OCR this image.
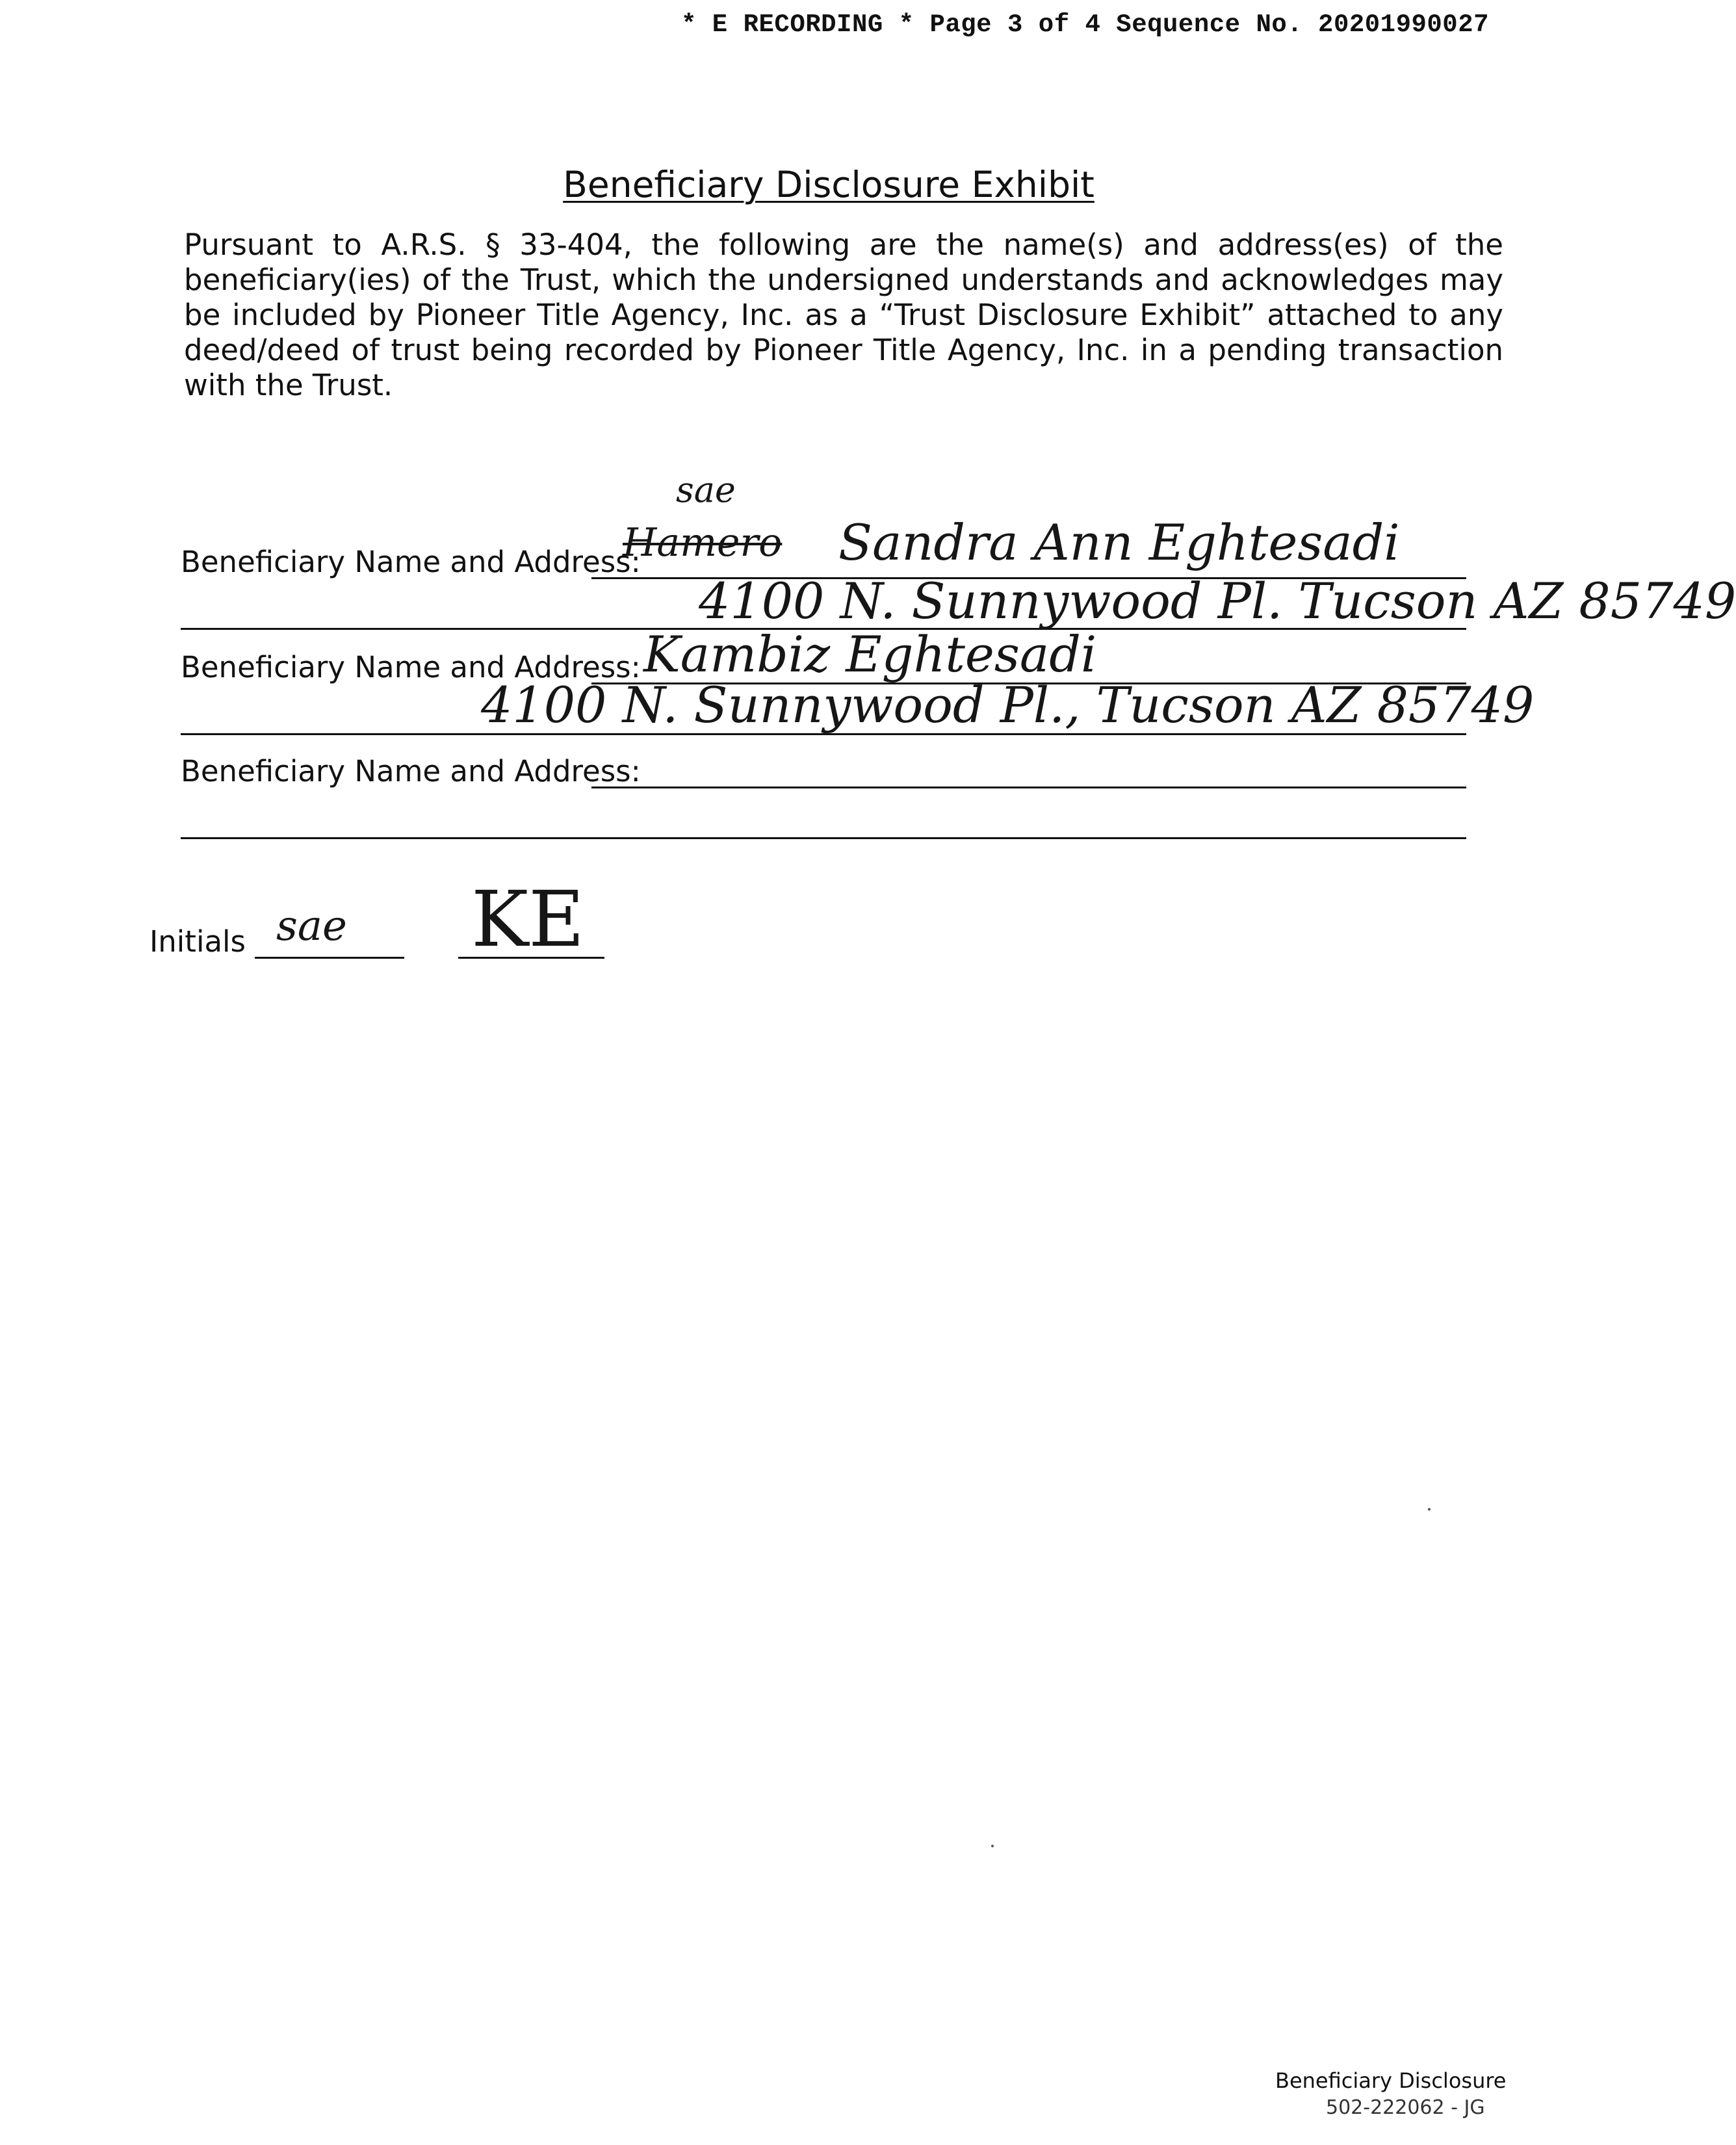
* E RECORDING * Page 3 of 4 Sequence No. 20201990027

Beneficiary Disclosure Exhibit

Pursuant to A.R.S. § 33-404, the following are the name(s) and address(es) of the beneficiary(ies) of the Trust, which the undersigned understands and acknowledges may be included by Pioneer Title Agency, Inc. as a “Trust Disclosure Exhibit” attached to any deed/deed of trust being recorded by Pioneer Title Agency, Inc. in a pending transaction with the Trust.

sae
Beneficiary Name and Address:
Hamero Sandra Ann Eghtesadi
4100 N. Sunnywood Pl. Tucson AZ 85749
Beneficiary Name and Address: Kambiz Eghtesadi
4100 N. Sunnywood Pl., Tucson AZ 85749
Beneficiary Name and Address:
Initials sae KE
Beneficiary Disclosure
502-222062 - JG
